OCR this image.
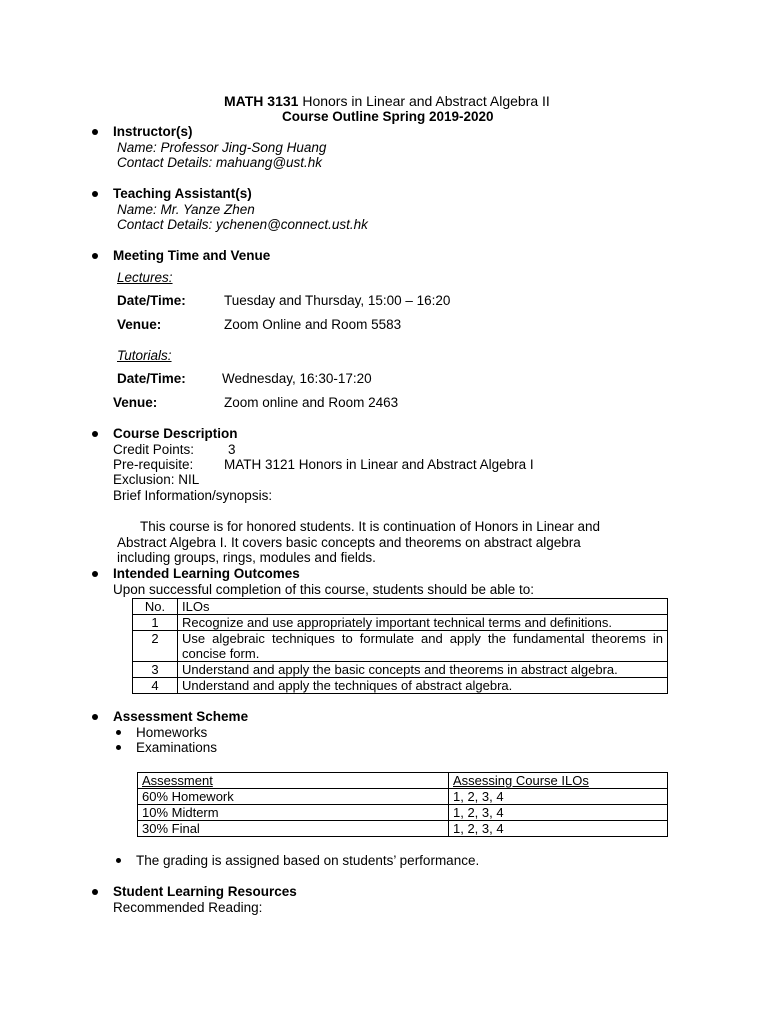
MATH 3131 Honors in Linear and Abstract Algebra II
Course Outline Spring 2019-2020
Instructor(s)
Name: Professor Jing-Song Huang
Contact Details: mahuang@ust.hk
Teaching Assistant(s)
Name: Mr. Yanze Zhen
Contact Details: ychenen@connect.ust.hk
Meeting Time and Venue
Lectures:
Date/Time:	Tuesday and Thursday, 15:00 – 16:20
Venue:	Zoom Online and Room 5583
Tutorials:
Date/Time:	Wednesday, 16:30-17:20
Venue:	Zoom online and Room 2463
Course Description
Credit Points:	3
Pre-requisite: MATH 3121 Honors in Linear and Abstract Algebra I
Exclusion: NIL
Brief Information/synopsis:
This course is for honored students. It is continuation of Honors in Linear and
Abstract Algebra I. It covers basic concepts and theorems on abstract algebra
including groups, rings, modules and fields.
Intended Learning Outcomes
Upon successful completion of this course, students should be able to:
No.	ILOs
1	Recognize and use appropriately important technical terms and definitions.
2	Use algebraic techniques to formulate and apply the fundamental theorems in concise form.
3	Understand and apply the basic concepts and theorems in abstract algebra.
4	Understand and apply the techniques of abstract algebra.
Assessment Scheme
Homeworks
Examinations
Assessment	Assessing Course ILOs
60% Homework	1, 2, 3, 4
10% Midterm	1, 2, 3, 4
30% Final	1, 2, 3, 4
The grading is assigned based on students’ performance.
Student Learning Resources
Recommended Reading:
